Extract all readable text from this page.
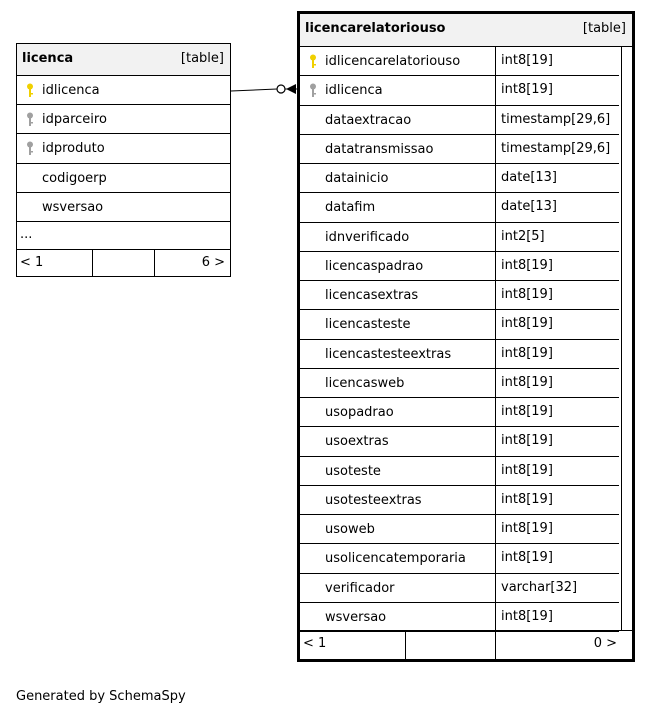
licenca	[table]
idlicenca
idparceiro
idproduto
codigoerp
wsversao
...
< 1	6 >
licencarelatoriouso	[table]
idlicencarelatoriouso	int8[19]
idlicenca	int8[19]
dataextracao	timestamp[29,6]
datatransmissao	timestamp[29,6]
datainicio	date[13]
datafim	date[13]
idnverificado	int2[5]
licencaspadrao	int8[19]
licencasextras	int8[19]
licencasteste	int8[19]
licencastesteextras	int8[19]
licencasweb	int8[19]
usopadrao	int8[19]
usoextras	int8[19]
usoteste	int8[19]
usotesteextras	int8[19]
usoweb	int8[19]
usolicencatemporaria	int8[19]
verificador	varchar[32]
wsversao	int8[19]
< 1	0 >
Generated by SchemaSpy
